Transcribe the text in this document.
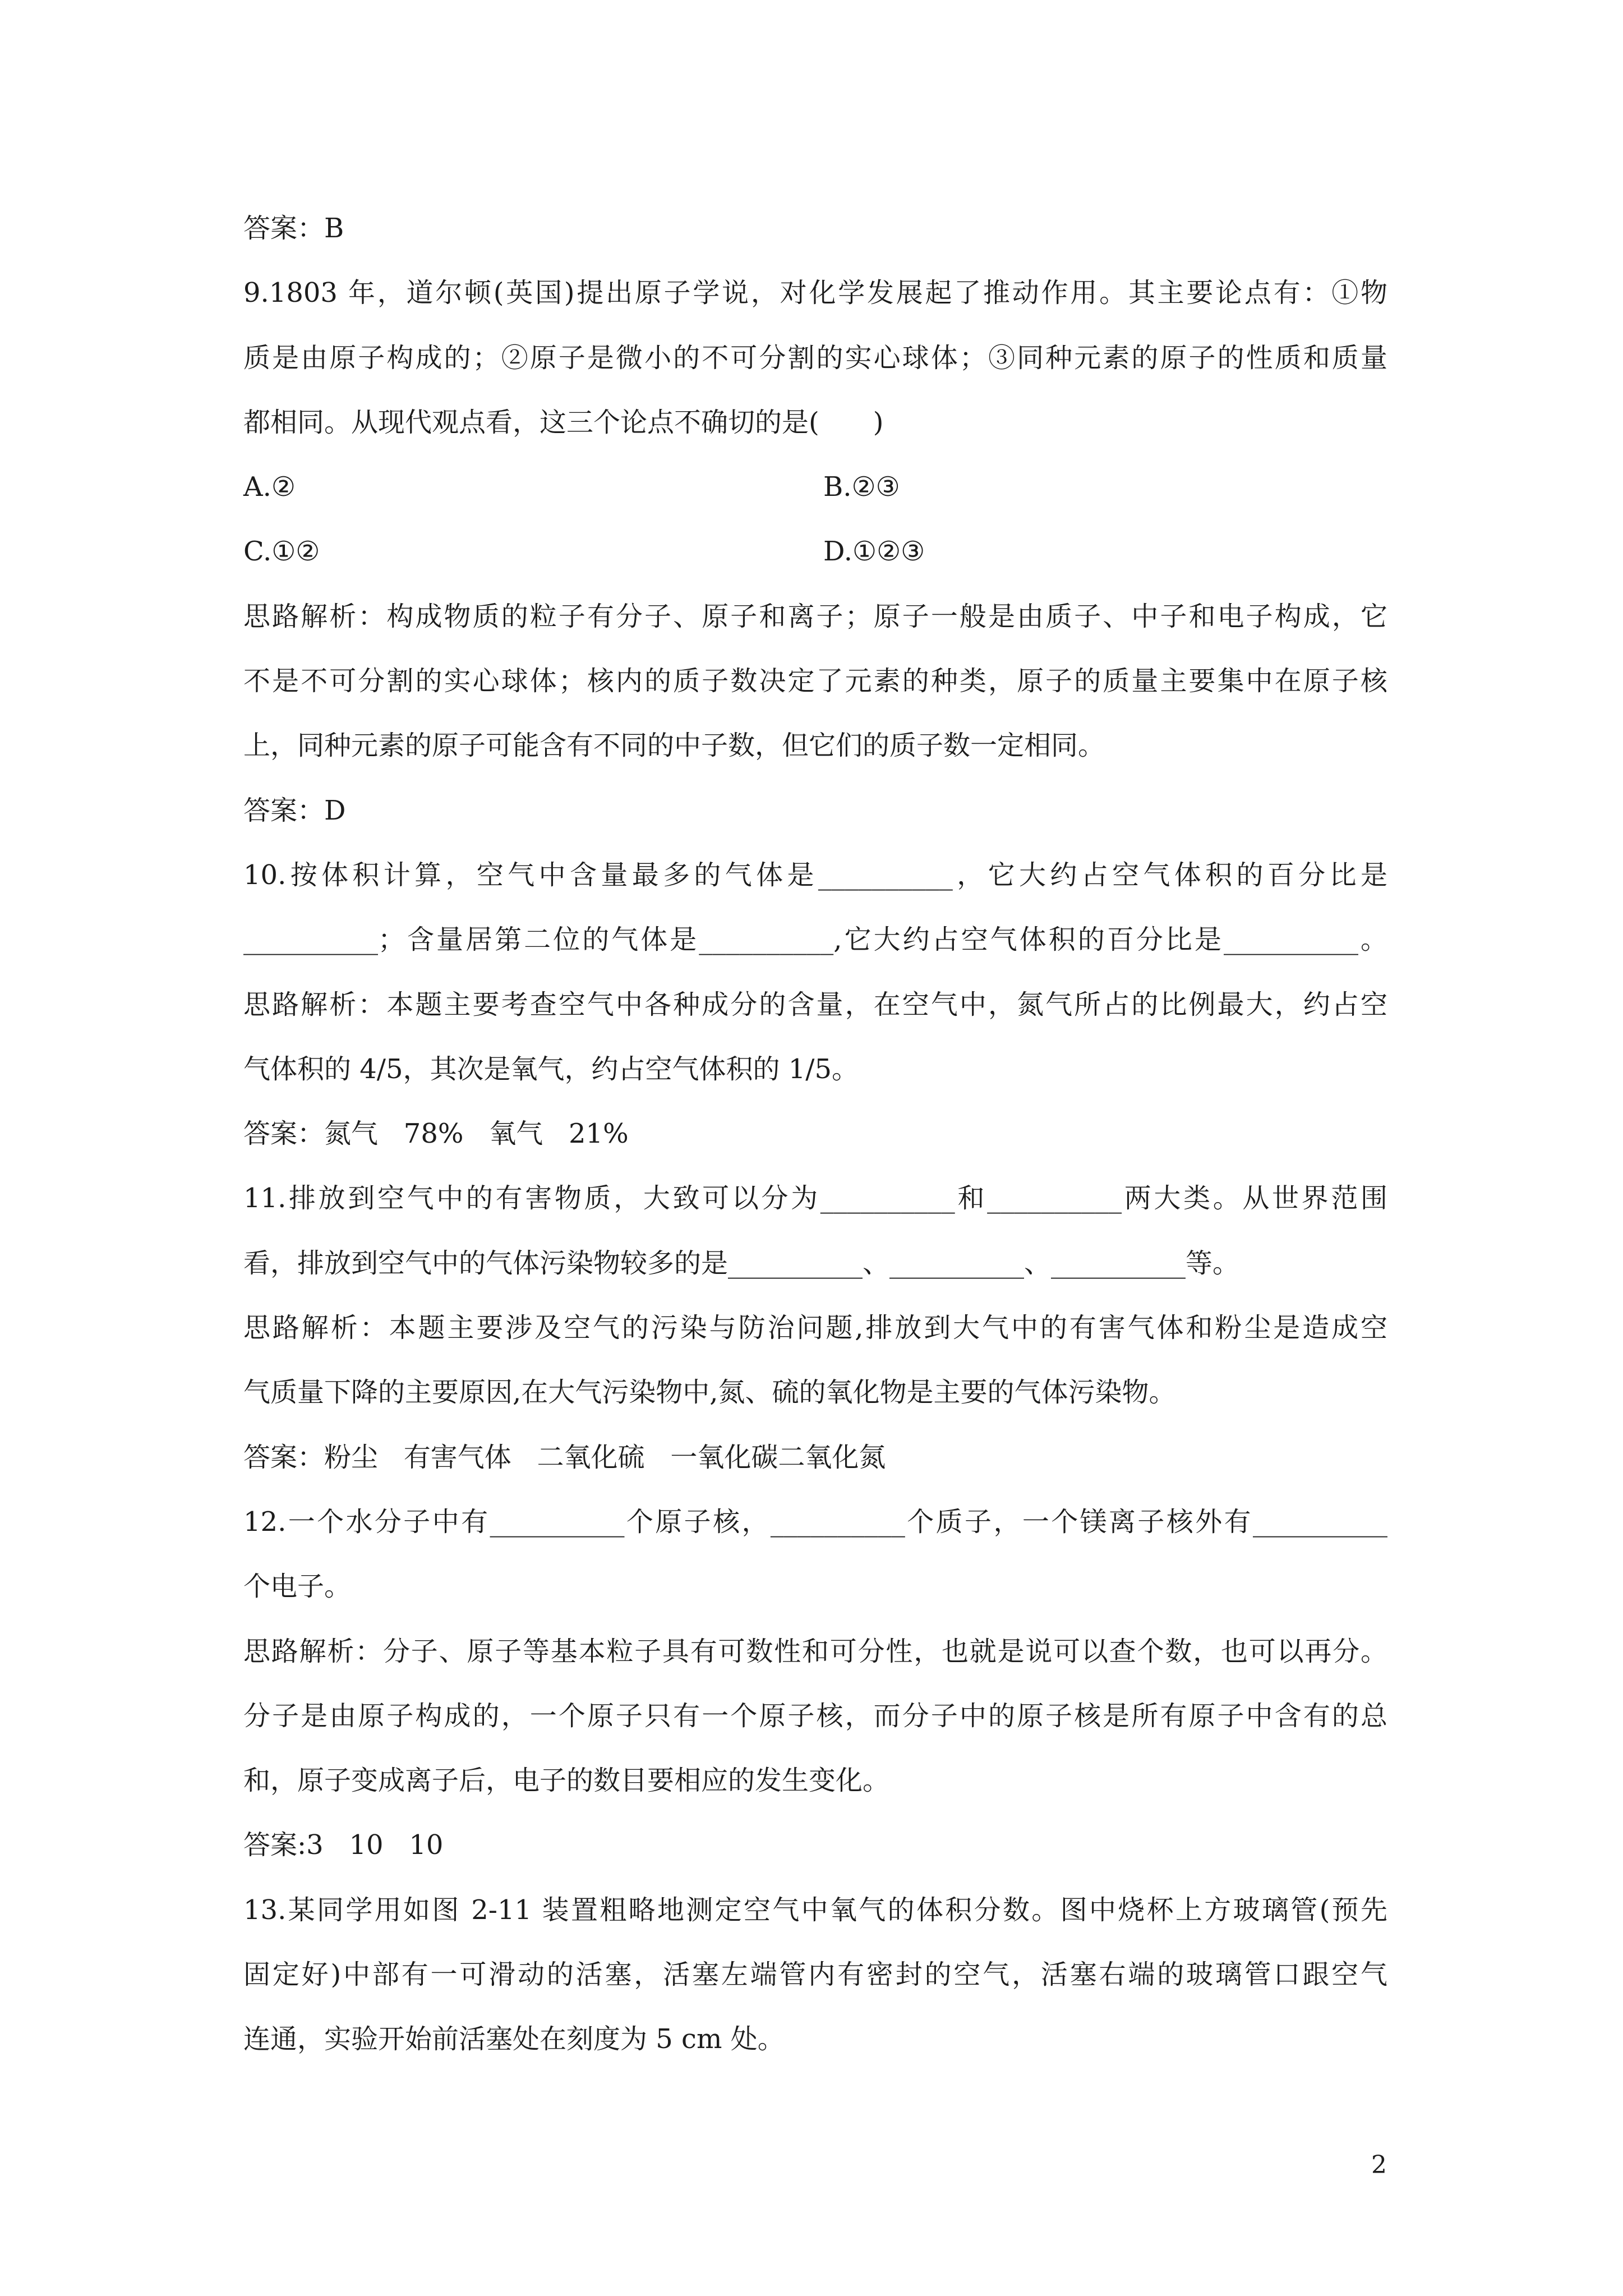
答案：B
9.1803 年，道尔顿(英国)提出原子学说，对化学发展起了推动作用。其主要论点有：①物
质是由原子构成的；②原子是微小的不可分割的实心球体；③同种元素的原子的性质和质量
都相同。从现代观点看，这三个论点不确切的是(　　)
A.②	B.②③
C.①②	D.①②③
思路解析：构成物质的粒子有分子、原子和离子；原子一般是由质子、中子和电子构成，它
不是不可分割的实心球体；核内的质子数决定了元素的种类，原子的质量主要集中在原子核
上，同种元素的原子可能含有不同的中子数，但它们的质子数一定相同。
答案：D
10.按体积计算，空气中含量最多的气体是__________，它大约占空气体积的百分比是
__________；含量居第二位的气体是__________,它大约占空气体积的百分比是__________。
思路解析：本题主要考查空气中各种成分的含量，在空气中，氮气所占的比例最大，约占空
气体积的 4/5，其次是氧气，约占空气体积的 1/5。
答案：氮气   78%   氧气   21%
11.排放到空气中的有害物质，大致可以分为__________和__________两大类。从世界范围
看，排放到空气中的气体污染物较多的是__________、__________、__________等。
思路解析：本题主要涉及空气的污染与防治问题,排放到大气中的有害气体和粉尘是造成空
气质量下降的主要原因,在大气污染物中,氮、硫的氧化物是主要的气体污染物。
答案：粉尘   有害气体   二氧化硫   一氧化碳二氧化氮
12.一个水分子中有__________个原子核，__________个质子，一个镁离子核外有__________
个电子。
思路解析：分子、原子等基本粒子具有可数性和可分性，也就是说可以查个数，也可以再分。
分子是由原子构成的，一个原子只有一个原子核，而分子中的原子核是所有原子中含有的总
和，原子变成离子后，电子的数目要相应的发生变化。
答案:3   10   10
13.某同学用如图 2-11 装置粗略地测定空气中氧气的体积分数。图中烧杯上方玻璃管(预先
固定好)中部有一可滑动的活塞，活塞左端管内有密封的空气，活塞右端的玻璃管口跟空气
连通，实验开始前活塞处在刻度为 5 cm 处。
2
